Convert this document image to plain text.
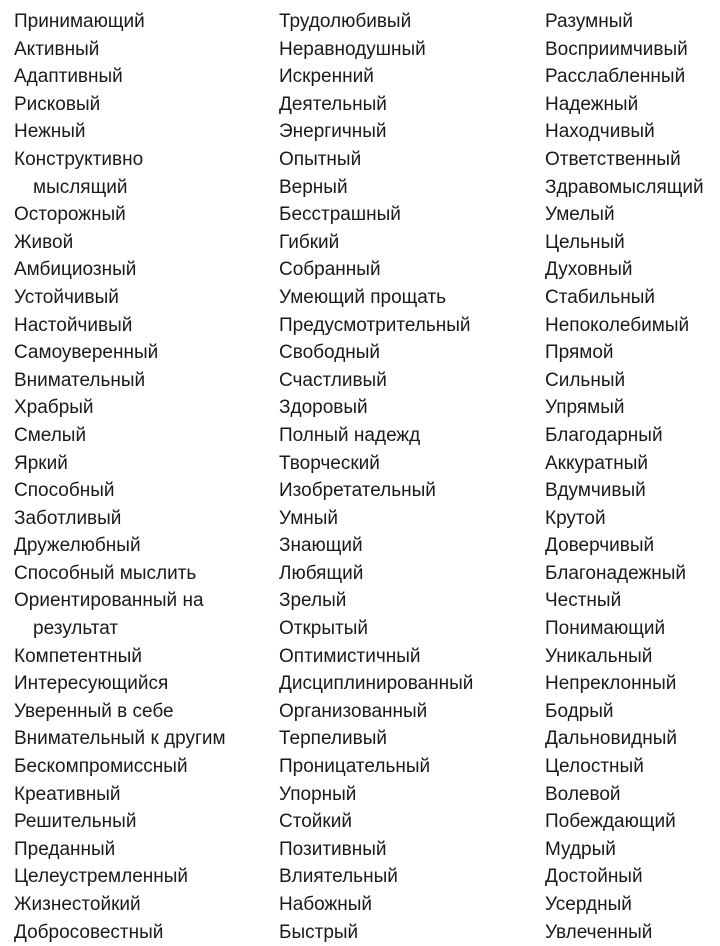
Принимающий
Активный
Адаптивный
Рисковый
Нежный
Конструктивно
мыслящий
Осторожный
Живой
Амбициозный
Устойчивый
Настойчивый
Самоуверенный
Внимательный
Храбрый
Смелый
Яркий
Способный
Заботливый
Дружелюбный
Способный мыслить
Ориентированный на
результат
Компетентный
Интересующийся
Уверенный в себе
Внимательный к другим
Бескомпромиссный
Креативный
Решительный
Преданный
Целеустремленный
Жизнестойкий
Добросовестный
Трудолюбивый
Неравнодушный
Искренний
Деятельный
Энергичный
Опытный
Верный
Бесстрашный
Гибкий
Собранный
Умеющий прощать
Предусмотрительный
Свободный
Счастливый
Здоровый
Полный надежд
Творческий
Изобретательный
Умный
Знающий
Любящий
Зрелый
Открытый
Оптимистичный
Дисциплинированный
Организованный
Терпеливый
Проницательный
Упорный
Стойкий
Позитивный
Влиятельный
Набожный
Быстрый
Разумный
Восприимчивый
Расслабленный
Надежный
Находчивый
Ответственный
Здравомыслящий
Умелый
Цельный
Духовный
Стабильный
Непоколебимый
Прямой
Сильный
Упрямый
Благодарный
Аккуратный
Вдумчивый
Крутой
Доверчивый
Благонадежный
Честный
Понимающий
Уникальный
Непреклонный
Бодрый
Дальновидный
Целостный
Волевой
Побеждающий
Мудрый
Достойный
Усердный
Увлеченный
